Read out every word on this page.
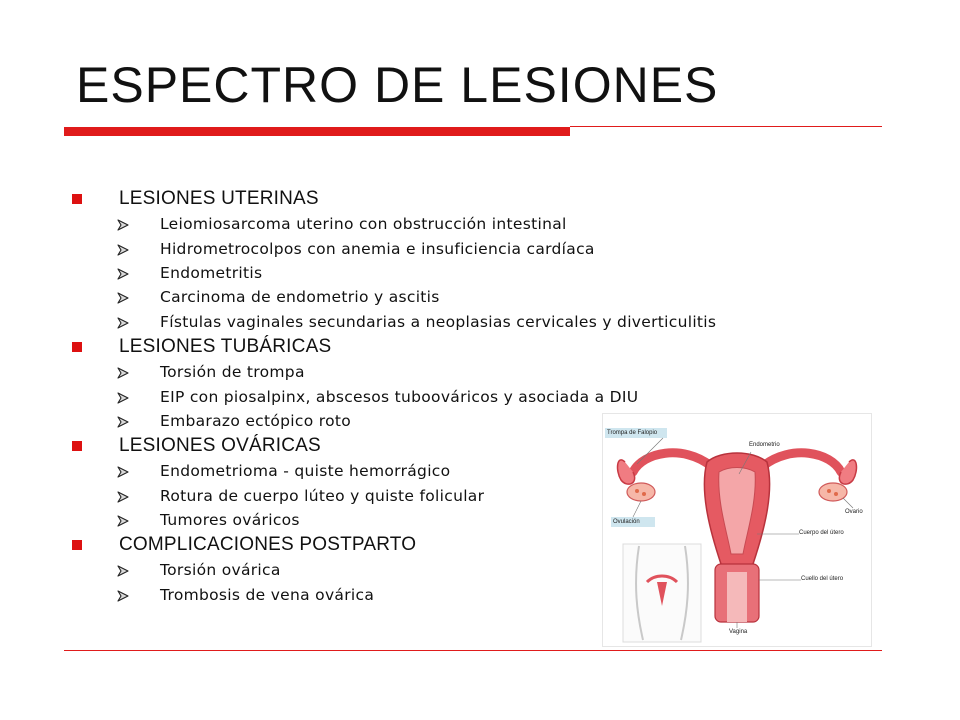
ESPECTRO DE LESIONES
LESIONES UTERINAS
Leiomiosarcoma uterino con obstrucción intestinal
Hidrometrocolpos con anemia e insuficiencia cardíaca
Endometritis
Carcinoma de endometrio y ascitis
Fístulas vaginales secundarias a neoplasias cervicales y diverticulitis
LESIONES TUBÁRICAS
Torsión de trompa
EIP con piosalpinx, abscesos tuboováricos y asociada a DIU
Embarazo ectópico roto
LESIONES OVÁRICAS
Endometrioma - quiste hemorrágico
Rotura de cuerpo lúteo y quiste folicular
Tumores ováricos
COMPLICACIONES POSTPARTO
Torsión ovárica
Trombosis de vena ovárica
Trompa de Falopio
Endometrio
Ovario
Ovulación
Cuerpo del útero
Cuello del útero
Vagina
